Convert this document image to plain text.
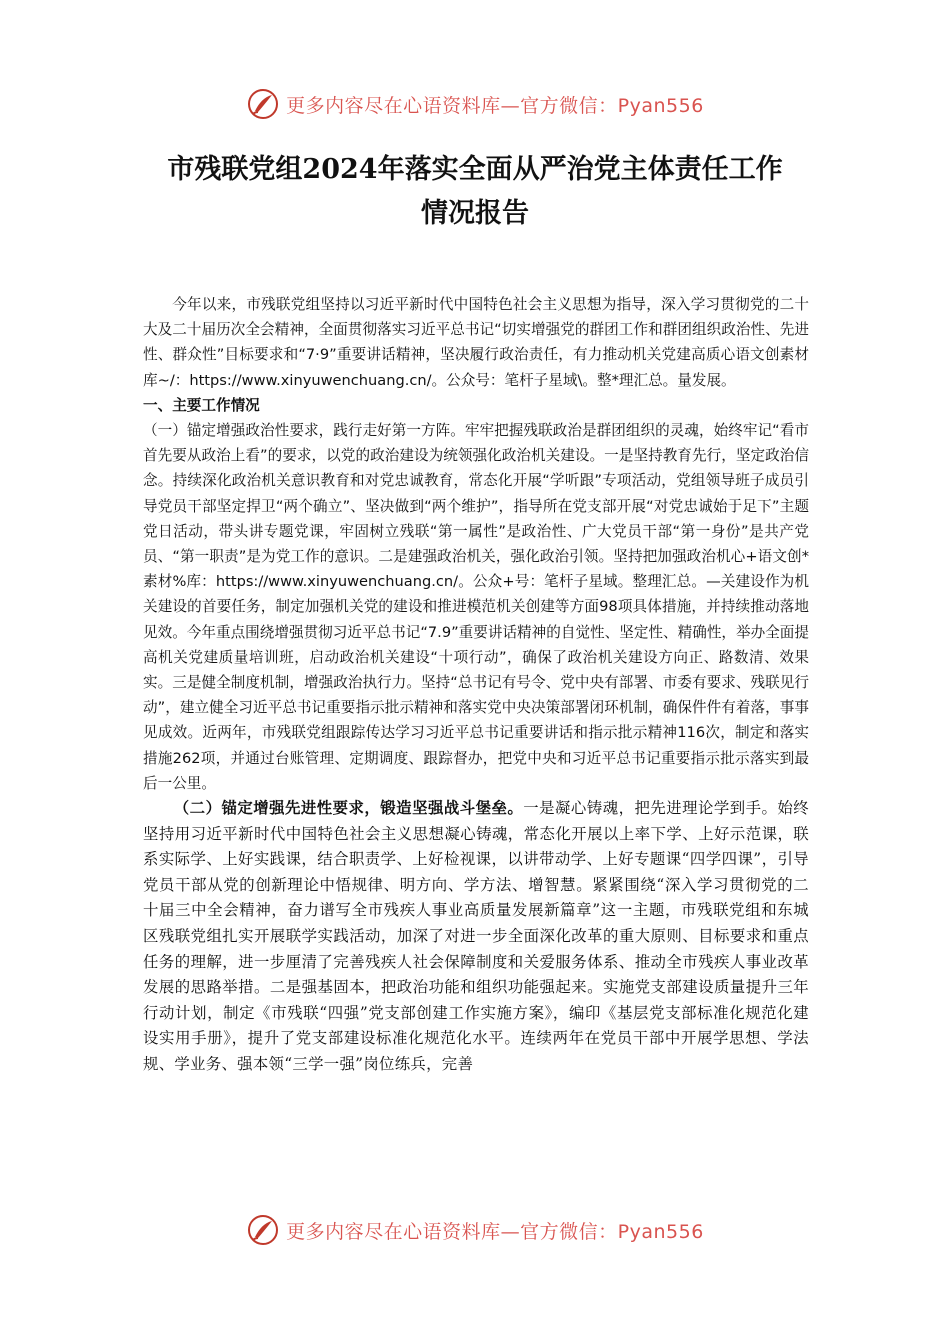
更多内容尽在心语资料库—官方微信：Pyan556
市残联党组2024年落实全面从严治党主体责任工作
情况报告

今年以来，市残联党组坚持以习近平新时代中国特色社会主义思想为指导，深入学习贯彻党的二十大及二十届历次全会精神，全面贯彻落实习近平总书记“切实增强党的群团工作和群团组织政治性、先进性、群众性”目标要求和“7·9”重要讲话精神，坚决履行政治责任，有力推动机关党建高质心语文创素材库~/：https://www.xinyuwenchuang.cn/。公众号：笔杆子星域\。整*理汇总。量发展。

一、主要工作情况

（一）锚定增强政治性要求，践行走好第一方阵。牢牢把握残联政治是群团组织的灵魂，始终牢记“看市首先要从政治上看”的要求，以党的政治建设为统领强化政治机关建设。一是坚持教育先行，坚定政治信念。持续深化政治机关意识教育和对党忠诚教育，常态化开展“学听跟”专项活动，党组领导班子成员引导党员干部坚定捍卫“两个确立”、坚决做到“两个维护”，指导所在党支部开展“对党忠诚始于足下”主题党日活动，带头讲专题党课，牢固树立残联“第一属性”是政治性、广大党员干部“第一身份”是共产党员、“第一职责”是为党工作的意识。二是建强政治机关，强化政治引领。坚持把加强政治机心+语文创*素材%库：https://www.xinyuwenchuang.cn/。公众+号：笔杆子星域。整理汇总。—关建设作为机关建设的首要任务，制定加强机关党的建设和推进模范机关创建等方面98项具体措施，并持续推动落地见效。今年重点围绕增强贯彻习近平总书记“7.9”重要讲话精神的自觉性、坚定性、精确性，举办全面提高机关党建质量培训班，启动政治机关建设“十项行动”，确保了政治机关建设方向正、路数清、效果实。三是健全制度机制，增强政治执行力。坚持“总书记有号令、党中央有部署、市委有要求、残联见行动”，建立健全习近平总书记重要指示批示精神和落实党中央决策部署闭环机制，确保件件有着落，事事见成效。近两年，市残联党组跟踪传达学习习近平总书记重要讲话和指示批示精神116次，制定和落实措施262项，并通过台账管理、定期调度、跟踪督办，把党中央和习近平总书记重要指示批示落实到最后一公里。

（二）锚定增强先进性要求，锻造坚强战斗堡垒。一是凝心铸魂，把先进理论学到手。始终坚持用习近平新时代中国特色社会主义思想凝心铸魂，常态化开展以上率下学、上好示范课，联系实际学、上好实践课，结合职责学、上好检视课，以讲带动学、上好专题课“四学四课”，引导党员干部从党的创新理论中悟规律、明方向、学方法、增智慧。紧紧围绕“深入学习贯彻党的二十届三中全会精神，奋力谱写全市残疾人事业高质量发展新篇章”这一主题，市残联党组和东城区残联党组扎实开展联学实践活动，加深了对进一步全面深化改革的重大原则、目标要求和重点任务的理解，进一步厘清了完善残疾人社会保障制度和关爱服务体系、推动全市残疾人事业改革发展的思路举措。二是强基固本，把政治功能和组织功能强起来。实施党支部建设质量提升三年行动计划，制定《市残联“四强”党支部创建工作实施方案》，编印《基层党支部标准化规范化建设实用手册》，提升了党支部建设标准化规范化水平。连续两年在党员干部中开展学思想、学法规、学业务、强本领“三学一强”岗位练兵，完善

更多内容尽在心语资料库—官方微信：Pyan556
